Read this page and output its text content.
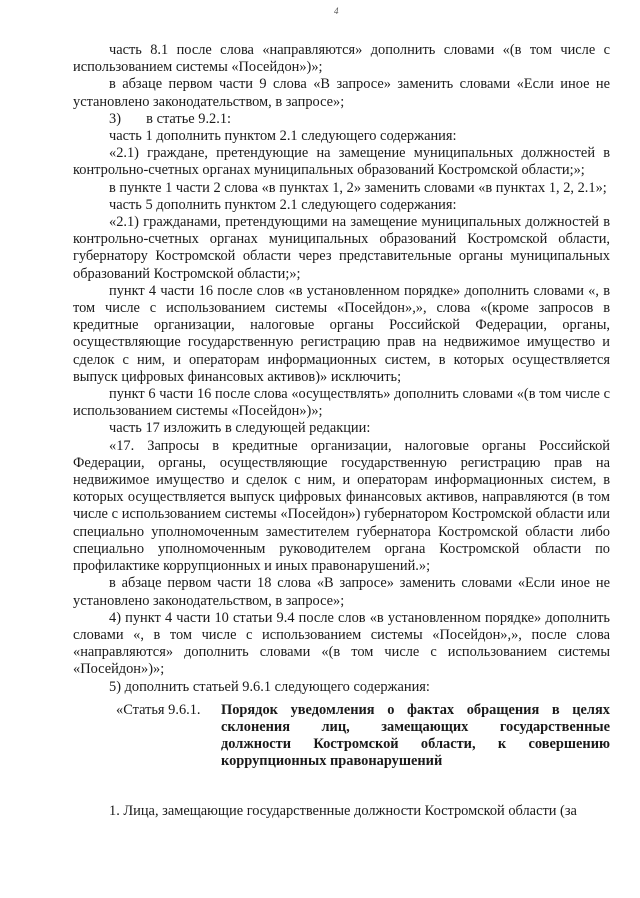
4

часть 8.1 после слова «направляются» дополнить словами «(в том числе с использованием системы «Посейдон»)»;

в абзаце первом части 9 слова «В запросе» заменить словами «Если иное не установлено законодательством, в запросе»;

3)       в статье 9.2.1:

часть 1 дополнить пунктом 2.1 следующего содержания:

«2.1) граждане, претендующие на замещение муниципальных должностей в контрольно-счетных органах муниципальных образований Костромской области;»;

в пункте 1 части 2 слова «в пунктах 1, 2» заменить словами «в пунктах 1, 2, 2.1»;

часть 5 дополнить пунктом 2.1 следующего содержания:

«2.1) гражданами, претендующими на замещение муниципальных должностей в контрольно-счетных органах муниципальных образований Костромской области, губернатору Костромской области через представительные органы муниципальных образований Костромской области;»;

пункт 4 части 16 после слов «в установленном порядке» дополнить словами «, в том числе с использованием системы «Посейдон»,», слова «(кроме запросов в кредитные организации, налоговые органы Российской Федерации, органы, осуществляющие государственную регистрацию прав на недвижимое имущество и сделок с ним, и операторам информационных систем, в которых осуществляется выпуск цифровых финансовых активов)» исключить;

пункт 6 части 16 после слова «осуществлять» дополнить словами «(в том числе с использованием системы «Посейдон»)»;

часть 17 изложить в следующей редакции:

«17. Запросы в кредитные организации, налоговые органы Российской Федерации, органы, осуществляющие государственную регистрацию прав на недвижимое имущество и сделок с ним, и операторам информационных систем, в которых осуществляется выпуск цифровых финансовых активов, направляются (в том числе с использованием системы «Посейдон») губернатором Костромской области или специально уполномоченным заместителем губернатора Костромской области либо специально уполномоченным руководителем органа Костромской области по профилактике коррупционных и иных правонарушений.»;

в абзаце первом части 18 слова «В запросе» заменить словами «Если иное не установлено законодательством, в запросе»;

4) пункт 4 части 10 статьи 9.4 после слов «в установленном порядке» дополнить словами «, в том числе с использованием системы «Посейдон»,», после слова «направляются» дополнить словами «(в том числе с использованием системы «Посейдон»)»;

5) дополнить статьей 9.6.1 следующего содержания:

«Статья 9.6.1.	Порядок уведомления о фактах обращения в целях
склонения лиц, замещающих государственные
должности Костромской области, к совершению
коррупционных правонарушений

1. Лица, замещающие государственные должности Костромской области (за
